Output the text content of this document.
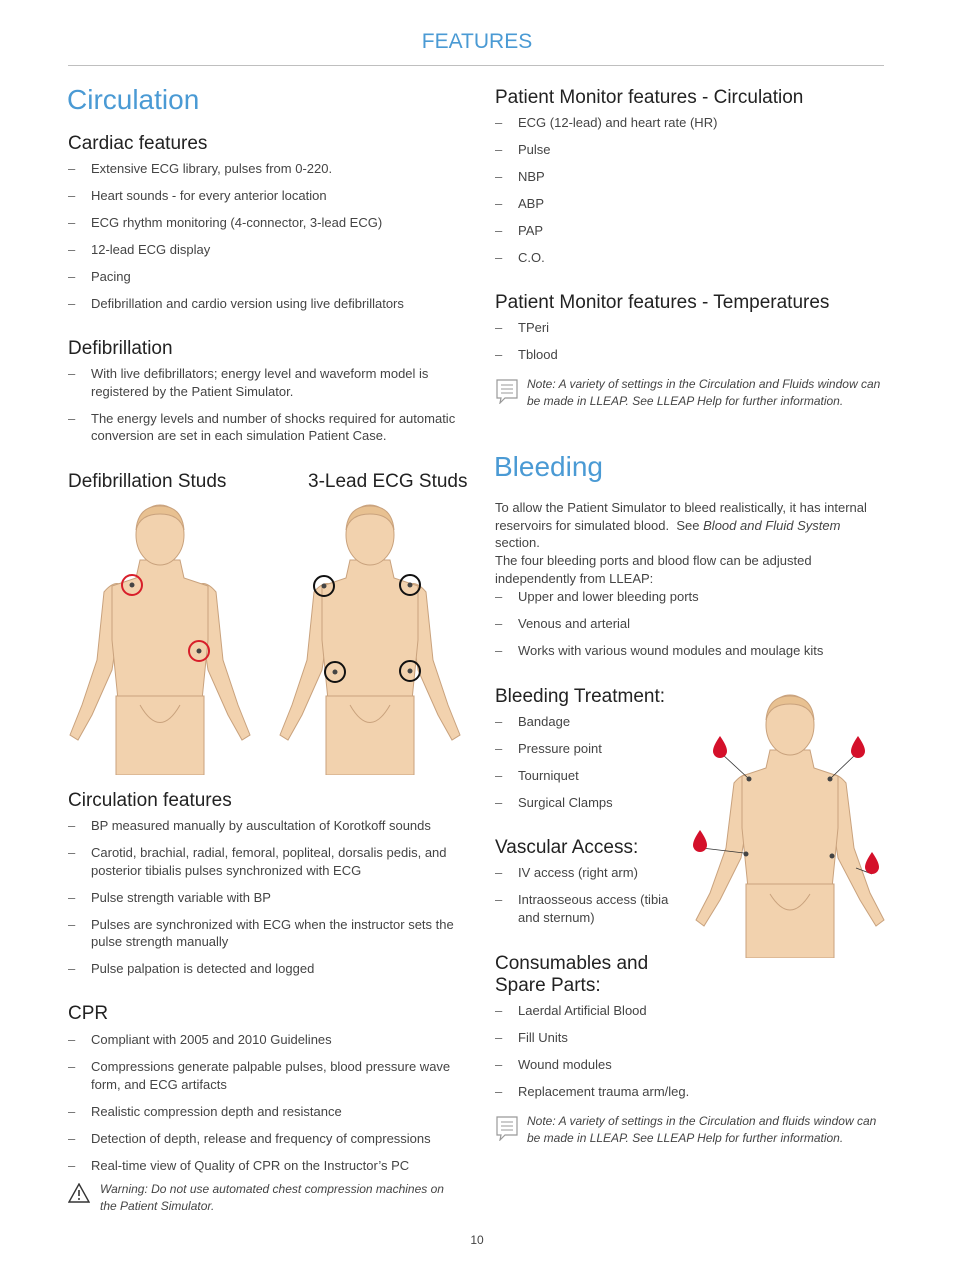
FEATURES
Circulation
Cardiac features
– Extensive ECG library, pulses from 0-220.
– Heart sounds - for every anterior location
– ECG rhythm monitoring (4-connector, 3-lead ECG)
– 12-lead ECG display
– Pacing
– Defibrillation and cardio version using live defibrillators
Defibrillation
– With live defibrillators; energy level and waveform model is registered by the Patient Simulator.
– The energy levels and number of shocks required for automatic conversion are set in each simulation Patient Case.
Defibrillation Studs	3-Lead ECG Studs
Circulation features
– BP measured manually by auscultation of Korotkoff sounds
– Carotid, brachial, radial, femoral, popliteal, dorsalis pedis, and posterior tibialis pulses synchronized with ECG
– Pulse strength variable with BP
– Pulses are synchronized with ECG when the instructor sets the pulse strength manually
– Pulse palpation is detected and logged
CPR
– Compliant with 2005 and 2010 Guidelines
– Compressions generate palpable pulses, blood pressure wave form, and ECG artifacts
– Realistic compression depth and resistance
– Detection of depth, release and frequency of compressions
– Real-time view of Quality of CPR on the Instructor’s PC
Warning: Do not use automated chest compression machines on the Patient Simulator.
Patient Monitor features - Circulation
– ECG (12-lead) and heart rate (HR)
– Pulse
– NBP
– ABP
– PAP
– C.O.
Patient Monitor features - Temperatures
– TPeri
– Tblood
Note: A variety of settings in the Circulation and Fluids window can be made in LLEAP. See LLEAP Help for further information.
Bleeding
To allow the Patient Simulator to bleed realistically, it has internal reservoirs for simulated blood. See Blood and Fluid System section.
The four bleeding ports and blood flow can be adjusted independently from LLEAP:
– Upper and lower bleeding ports
– Venous and arterial
– Works with various wound modules and moulage kits
Bleeding Treatment:
– Bandage
– Pressure point
– Tourniquet
– Surgical Clamps
Vascular Access:
– IV access (right arm)
– Intraosseous access (tibia and sternum)
Consumables and Spare Parts:
– Laerdal Artificial Blood
– Fill Units
– Wound modules
– Replacement trauma arm/leg.
Note: A variety of settings in the Circulation and fluids window can be made in LLEAP. See LLEAP Help for further information.
10
